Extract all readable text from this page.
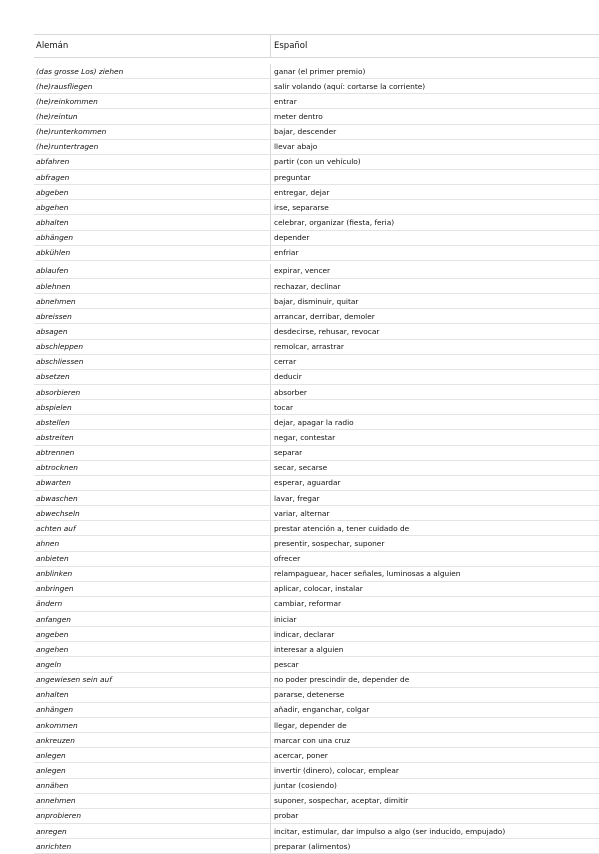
Alemán	Español
(das grosse Los) ziehen	ganar (el primer premio)
(he)rausfliegen	salir volando (aquí: cortarse la corriente)
(he)reinkommen	entrar
(he)reintun	meter dentro
(he)runterkommen	bajar, descender
(he)runtertragen	llevar abajo
abfahren	partir (con un vehículo)
abfragen	preguntar
abgeben	entregar, dejar
abgehen	irse, separarse
abhalten	celebrar, organizar (fiesta, feria)
abhängen	depender
abkühlen	enfriar
ablaufen	expirar, vencer
ablehnen	rechazar, declinar
abnehmen	bajar, disminuir, quitar
abreissen	arrancar, derribar, demoler
absagen	desdecirse, rehusar, revocar
abschleppen	remolcar, arrastrar
abschliessen	cerrar
absetzen	deducir
absorbieren	absorber
abspielen	tocar
abstellen	dejar, apagar la radio
abstreiten	negar, contestar
abtrennen	separar
abtrocknen	secar, secarse
abwarten	esperar, aguardar
abwaschen	lavar, fregar
abwechseln	variar, alternar
achten auf	prestar atención a, tener cuidado de
ahnen	presentir, sospechar, suponer
anbieten	ofrecer
anblinken	relampaguear, hacer señales, luminosas a alguien
anbringen	aplicar, colocar, instalar
ändern	cambiar, reformar
anfangen	iniciar
angeben	indicar, declarar
angehen	interesar a alguien
angeln	pescar
angewiesen sein auf	no poder prescindir de, depender de
anhalten	pararse, detenerse
anhängen	añadir, enganchar, colgar
ankommen	llegar, depender de
ankreuzen	marcar con una cruz
anlegen	acercar, poner
anlegen	invertir (dinero), colocar, emplear
annähen	juntar (cosiendo)
annehmen	suponer, sospechar, aceptar, dimitir
anprobieren	probar
anregen	incitar, estimular, dar impulso a algo (ser inducido, empujado)
anrichten	preparar (alimentos)
